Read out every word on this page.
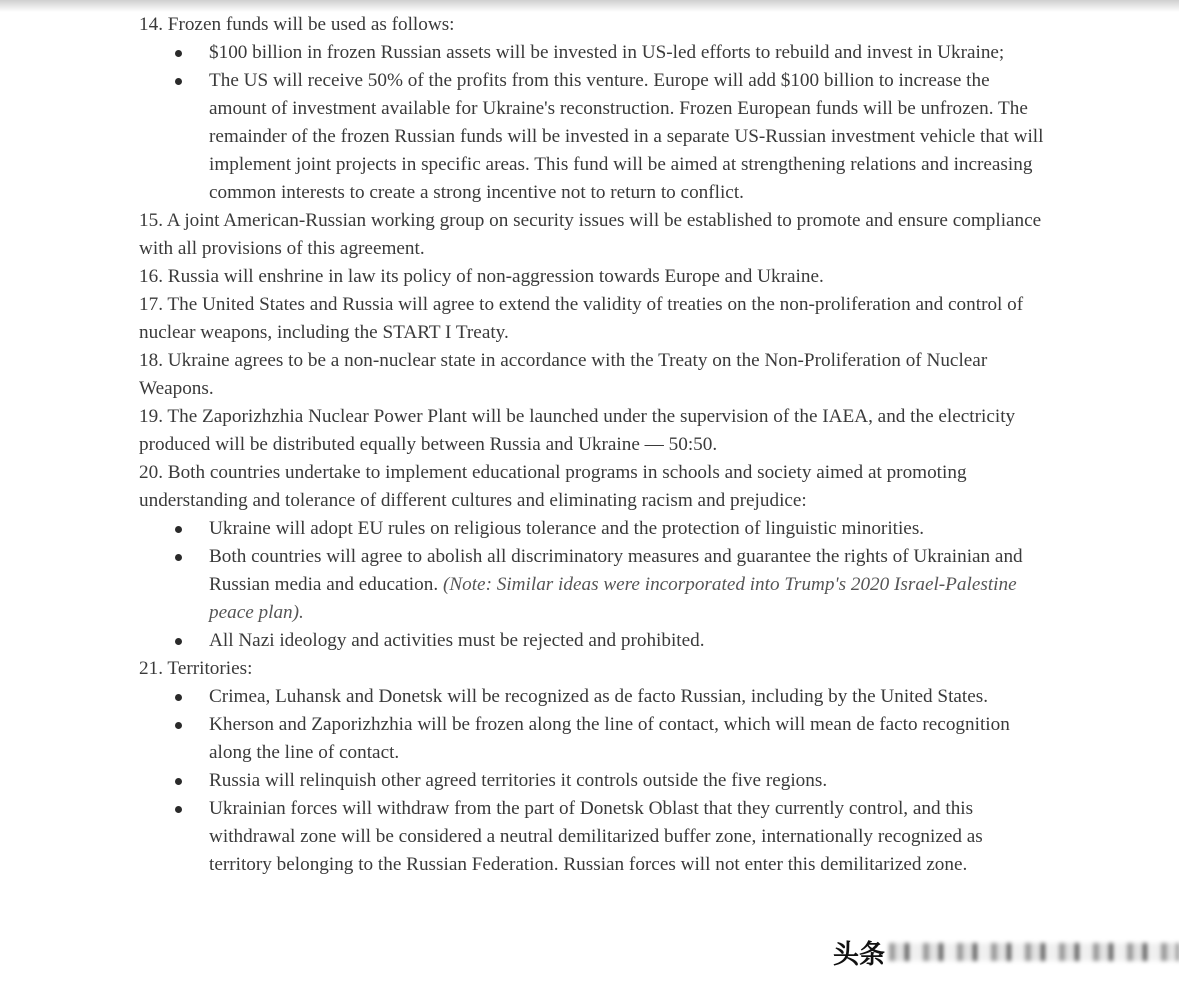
14. Frozen funds will be used as follows:

$100 billion in frozen Russian assets will be invested in US-led efforts to rebuild and invest in Ukraine;
The US will receive 50% of the profits from this venture. Europe will add $100 billion to increase the amount of investment available for Ukraine's reconstruction. Frozen European funds will be unfrozen. The remainder of the frozen Russian funds will be invested in a separate US-Russian investment vehicle that will implement joint projects in specific areas. This fund will be aimed at strengthening relations and increasing common interests to create a strong incentive not to return to conflict.

15. A joint American-Russian working group on security issues will be established to promote and ensure compliance with all provisions of this agreement.

16. Russia will enshrine in law its policy of non-aggression towards Europe and Ukraine.

17. The United States and Russia will agree to extend the validity of treaties on the non-proliferation and control of nuclear weapons, including the START I Treaty.

18. Ukraine agrees to be a non-nuclear state in accordance with the Treaty on the Non-Proliferation of Nuclear Weapons.

19. The Zaporizhzhia Nuclear Power Plant will be launched under the supervision of the IAEA, and the electricity produced will be distributed equally between Russia and Ukraine — 50:50.

20. Both countries undertake to implement educational programs in schools and society aimed at promoting understanding and tolerance of different cultures and eliminating racism and prejudice:

Ukraine will adopt EU rules on religious tolerance and the protection of linguistic minorities.
Both countries will agree to abolish all discriminatory measures and guarantee the rights of Ukrainian and Russian media and education. (Note: Similar ideas were incorporated into Trump's 2020 Israel-Palestine peace plan).
All Nazi ideology and activities must be rejected and prohibited.

21. Territories:

Crimea, Luhansk and Donetsk will be recognized as de facto Russian, including by the United States.
Kherson and Zaporizhzhia will be frozen along the line of contact, which will mean de facto recognition along the line of contact.
Russia will relinquish other agreed territories it controls outside the five regions.
Ukrainian forces will withdraw from the part of Donetsk Oblast that they currently control, and this withdrawal zone will be considered a neutral demilitarized buffer zone, internationally recognized as territory belonging to the Russian Federation. Russian forces will not enter this demilitarized zone.
头条
